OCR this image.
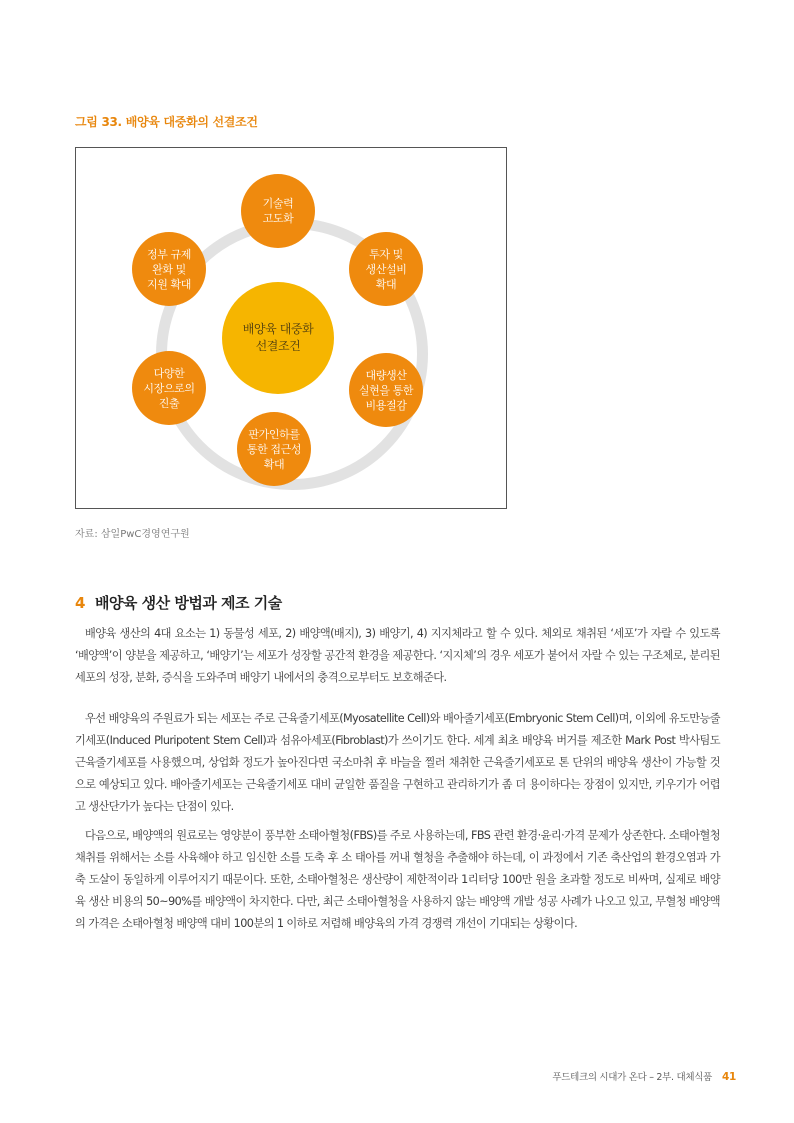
그림 33. 배양육 대중화의 선결조건
배양육 대중화
선결조건
기술력
고도화
투자 및
생산설비
확대
대량생산
실현을 통한
비용절감
판가인하를
통한 접근성
확대
다양한
시장으로의
진출
정부 규제
완화 및
지원 확대
자료: 삼일PwC경영연구원
4 배양육 생산 방법과 제조 기술

배양육 생산의 4대 요소는 1) 동물성 세포, 2) 배양액(배지), 3) 배양기, 4) 지지체라고 할 수 있다. 체외로 채취된 ‘세포’가 자랄 수 있도록 ‘배양액’이 양분을 제공하고, ‘배양기’는 세포가 성장할 공간적 환경을 제공한다. ‘지지체’의 경우 세포가 붙어서 자랄 수 있는 구조체로, 분리된 세포의 성장, 분화, 증식을 도와주며 배양기 내에서의 충격으로부터도 보호해준다.

우선 배양육의 주원료가 되는 세포는 주로 근육줄기세포(Myosatellite Cell)와 배아줄기세포(Embryonic Stem Cell)며, 이외에 유도만능줄기세포(Induced Pluripotent Stem Cell)과 섬유아세포(Fibroblast)가 쓰이기도 한다. 세계 최초 배양육 버거를 제조한 Mark Post 박사팀도 근육줄기세포를 사용했으며, 상업화 정도가 높아진다면 국소마취 후 바늘을 찔러 채취한 근육줄기세포로 톤 단위의 배양육 생산이 가능할 것으로 예상되고 있다. 배아줄기세포는 근육줄기세포 대비 균일한 품질을 구현하고 관리하기가 좀 더 용이하다는 장점이 있지만, 키우기가 어렵고 생산단가가 높다는 단점이 있다.

다음으로, 배양액의 원료로는 영양분이 풍부한 소태아혈청(FBS)를 주로 사용하는데, FBS 관련 환경·윤리·가격 문제가 상존한다. 소태아혈청 채취를 위해서는 소를 사육해야 하고 임신한 소를 도축 후 소 태아를 꺼내 혈청을 추출해야 하는데, 이 과정에서 기존 축산업의 환경오염과 가축 도살이 동일하게 이루어지기 때문이다. 또한, 소태아혈청은 생산량이 제한적이라 1리터당 100만 원을 초과할 정도로 비싸며, 실제로 배양육 생산 비용의 50~90%를 배양액이 차지한다. 다만, 최근 소태아혈청을 사용하지 않는 배양액 개발 성공 사례가 나오고 있고, 무혈청 배양액의 가격은 소태아혈청 배양액 대비 100분의 1 이하로 저렴해 배양육의 가격 경쟁력 개선이 기대되는 상황이다.

푸드테크의 시대가 온다 – 2부. 대체식품 41
